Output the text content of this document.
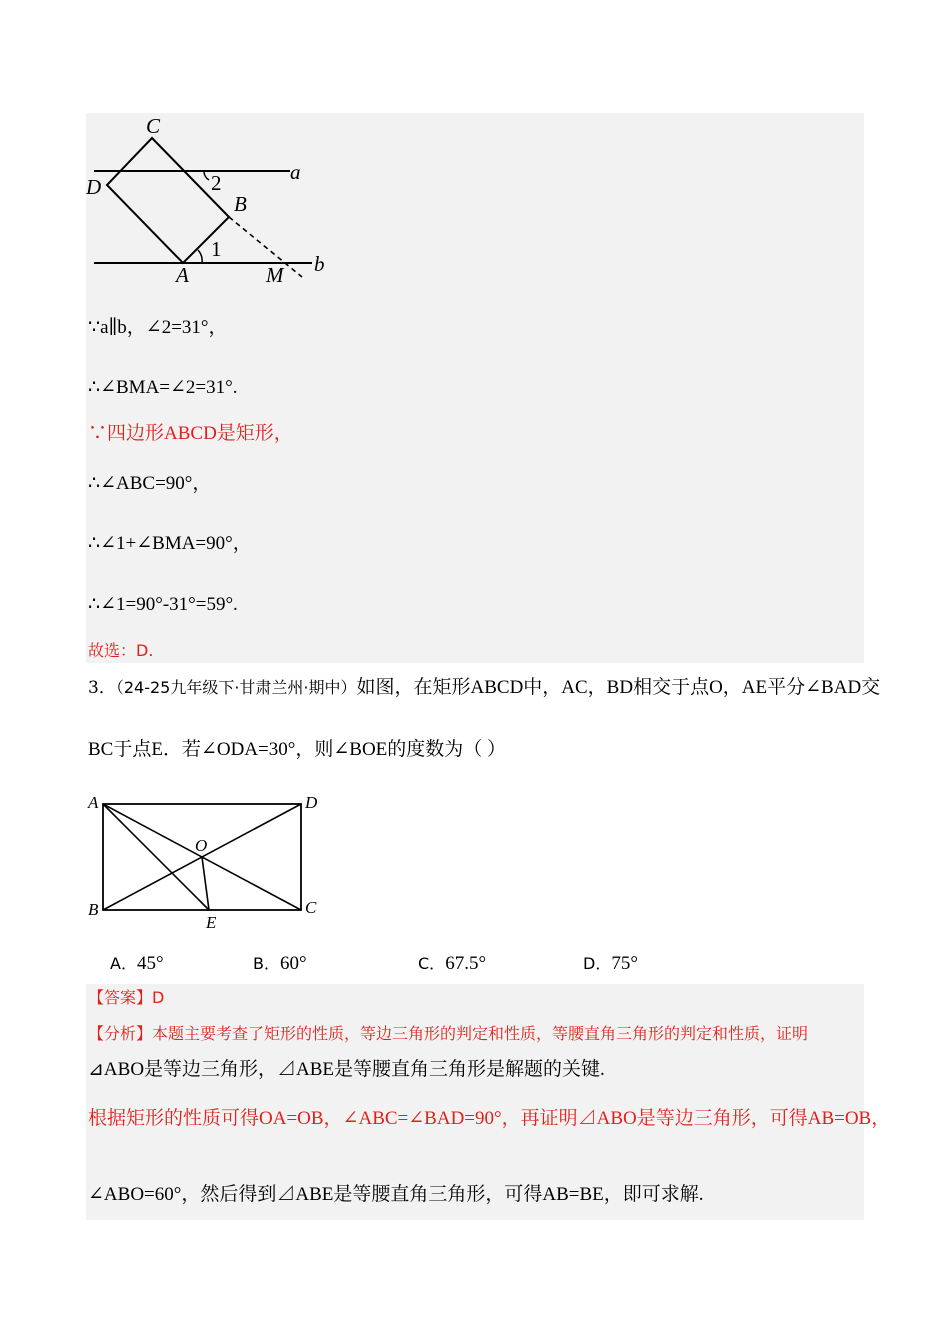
C
D
B
A	M
a
b
1
2
∵a∥b，∠2=31°，
∴∠BMA=∠2=31°.
∵四边形ABCD是矩形，
∴∠ABC=90°，
∴∠1+∠BMA=90°，
∴∠1=90°-31°=59°.
故选：D.
3．（24-25九年级下·甘肃兰州·期中）如图，在矩形ABCD中，AC，BD相交于点O，AE平分∠BAD交
BC于点E．若∠ODA=30°，则∠BOE的度数为（ ）
A	D
B	C
O
E
A．45°	B．60°	C．67.5°	D．75°
【答案】D
【分析】本题主要考查了矩形的性质，等边三角形的判定和性质，等腰直角三角形的判定和性质，证明
⊿ABO是等边三角形，⊿ABE是等腰直角三角形是解题的关键.
根据矩形的性质可得OA=OB，∠ABC=∠BAD=90°，再证明⊿ABO是等边三角形，可得AB=OB，
∠ABO=60°，然后得到⊿ABE是等腰直角三角形，可得AB=BE，即可求解.
